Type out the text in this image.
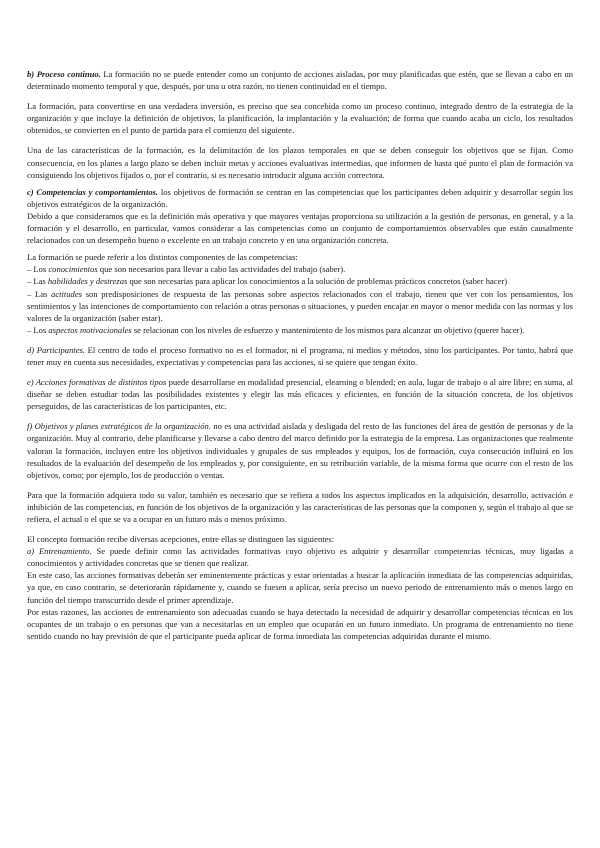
b) Proceso continuo. La formación no se puede entender como un conjunto de acciones aisladas, por muy planificadas que estén, que se llevan a cabo en un determinado momento temporal y que, después, por una u otra razón, no tienen continuidad en el tiempo.

La formación, para convertirse en una verdadera inversión, es preciso que sea concebida como un proceso continuo, integrado dentro de la estrategia de la organización y que incluye la definición de objetivos, la planificación, la implantación y la evaluación; de forma que cuando acaba un ciclo, los resultados obtenidos, se convierten en el punto de partida para el comienzo del siguiente.

Una de las características de la formación, es la delimitación de los plazos temporales en que se deben conseguir los objetivos que se fijan. Como consecuencia, en los planes a largo plazo se deben incluir metas y acciones evaluativas intermedias, que informen de hasta qué punto el plan de formación va consiguiendo los objetivos fijados o, por el contrario, si es necesario introducir alguna acción correctora.

c) Competencias y comportamientos. los objetivos de formación se centran en las competencias que los participantes deben adquirir y desarrollar según los objetivos estratégicos de la organización.

Debido a que consideramos que es la definición más operativa y que mayores ventajas proporciona su utilización a la gestión de personas, en general, y a la formación y el desarrollo, en particular, vamos considerar a las competencias como un conjunto de comportamientos observables que están causalmente relacionados con un desempeño bueno o excelente en un trabajo concreto y en una organización concreta.

La formación se puede referir a los distintos componentes de las competencias:

– Los conocimientos que son necesarios para llevar a cabo las actividades del trabajo (saber).

– Las habilidades y destrezas que son necesarias para aplicar los conocimientos a la solución de problemas prácticos concretos (saber hacer)

– Las actitudes son predisposiciones de respuesta de las personas sobre aspectos relacionados con el trabajo, tienen que ver con los pensamientos, los sentimientos y las intenciones de comportamiento con relación a otras personas o situaciones, y pueden encajar en mayor o menor medida con las normas y los valores de la organización (saber estar).

– Los aspectos motivacionales se relacionan con los niveles de esfuerzo y mantenimiento de los mismos para alcanzar un objetivo (querer hacer).

d) Participantes. El centro de todo el proceso formativo no es el formador, ni el programa, ni medios y métodos, sino los participantes. Por tanto, habrá que tener muy en cuenta sus necesidades, expectativas y competencias para las acciones, si se quiere que tengan éxito.

e) Acciones formativas de distintos tipos puede desarrollarse en modalidad presencial, elearning o blended; en aula, lugar de trabajo o al aire libre; en suma, al diseñar se deben estudiar todas las posibilidades existentes y elegir las más eficaces y eficientes, en función de la situación concreta, de los objetivos perseguidos, de las características de los participantes, etc.

f) Objetivos y planes estratégicos de la organización. no es una actividad aislada y desligada del resto de las funciones del área de gestión de personas y de la organización. Muy al contrario, debe planificarse y llevarse a cabo dentro del marco definido por la estrategia de la empresa. Las organizaciones que realmente valoran la formación, incluyen entre los objetivos individuales y grupales de sus empleados y equipos, los de formación, cuya consecución influirá en los resultados de la evaluación del desempeño de los empleados y, por consiguiente, en su retribución variable, de la misma forma que ocurre con el resto de los objetivos, como; por ejemplo, los de producción o ventas.

Para que la formación adquiera todo su valor, también es necesario que se refiera a todos los aspectos implicados en la adquisición, desarrollo, activación e inhibición de las competencias, en función de los objetivos de la organización y las características de las personas que la componen y, según el trabajo al que se refiera, el actual o el que se va a ocupar en un futuro más o menos próximo.

El concepto formación recibe diversas acepciones, entre ellas se distinguen las siguientes:

a) Entrenamiento. Se puede definir como las actividades formativas cuyo objetivo es adquirir y desarrollar competencias técnicas, muy ligadas a conocimientos y actividades concretas que se tienen que realizar.

En este caso, las acciones formativas deberán ser eminentemente prácticas y estar orientadas a buscar la aplicación inmediata de las competencias adquiridas, ya que, en caso contrario, se deteriorarán rápidamente y, cuando se fuesen a aplicar, sería preciso un nuevo periodo de entrenamiento más o menos largo en función del tiempo transcurrido desde el primer aprendizaje.

Por estas razones, las acciones de entrenamiento son adecuadas cuando se haya detectado la necesidad de adquirir y desarrollar competencias técnicas en los ocupantes de un trabajo o en personas que van a necesitarlas en un empleo que ocuparán en un futuro inmediato. Un programa de entrenamiento no tiene sentido cuando no hay previsión de que el participante pueda aplicar de forma inmediata las competencias adquiridas durante el mismo.
